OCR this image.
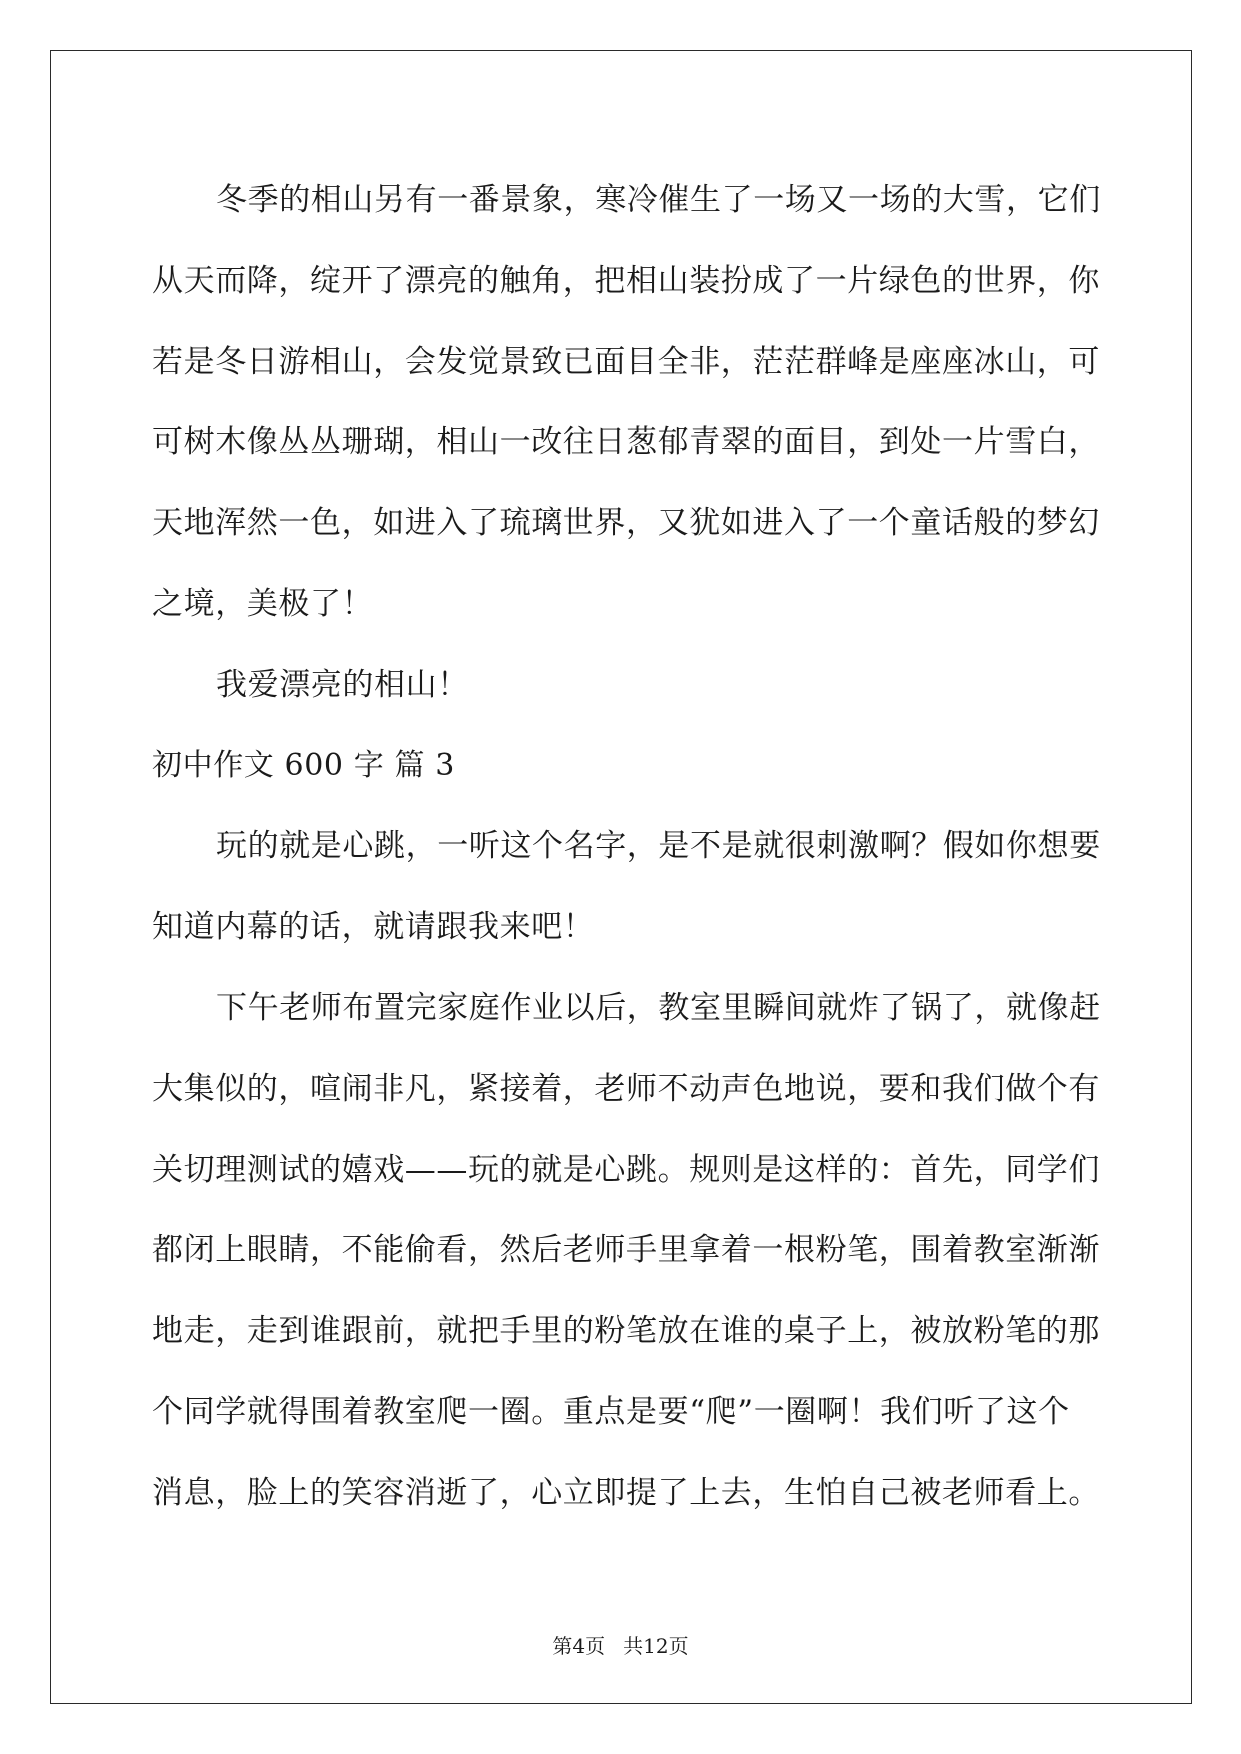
冬季的相山另有一番景象，寒冷催生了一场又一场的大雪，它们
从天而降，绽开了漂亮的触角，把相山装扮成了一片绿色的世界，你
若是冬日游相山，会发觉景致已面目全非，茫茫群峰是座座冰山，可
可树木像丛丛珊瑚，相山一改往日葱郁青翠的面目，到处一片雪白，
天地浑然一色，如进入了琉璃世界，又犹如进入了一个童话般的梦幻
之境，美极了！
我爱漂亮的相山！
初中作文 600 字 篇 3
玩的就是心跳，一听这个名字，是不是就很刺激啊？假如你想要
知道内幕的话，就请跟我来吧！
下午老师布置完家庭作业以后，教室里瞬间就炸了锅了，就像赶
大集似的，喧闹非凡，紧接着，老师不动声色地说，要和我们做个有
关切理测试的嬉戏——玩的就是心跳。规则是这样的：首先，同学们
都闭上眼睛，不能偷看，然后老师手里拿着一根粉笔，围着教室渐渐
地走，走到谁跟前，就把手里的粉笔放在谁的桌子上，被放粉笔的那
个同学就得围着教室爬一圈。重点是要“爬”一圈啊！我们听了这个
消息，脸上的笑容消逝了，心立即提了上去，生怕自己被老师看上。
第4页 共12页
